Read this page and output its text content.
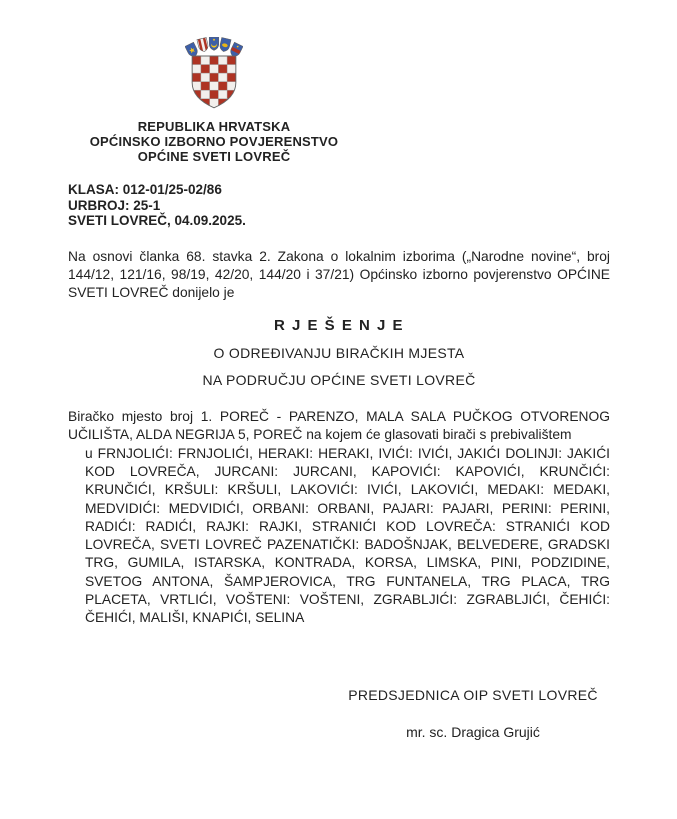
REPUBLIKA HRVATSKA
OPĆINSKO IZBORNO POVJERENSTVO
OPĆINE SVETI LOVREČ
KLASA: 012-01/25-02/86
URBROJ: 25-1
SVETI LOVREČ, 04.09.2025.

Na osnovi članka 68. stavka 2. Zakona o lokalnim izborima („Narodne novine“, broj 144/12, 121/16, 98/19, 42/20, 144/20 i 37/21) Općinsko izborno povjerenstvo OPĆINE SVETI LOVREČ donijelo je

R J E Š E N J E
O ODREĐIVANJU BIRAČKIH MJESTA
NA PODRUČJU OPĆINE SVETI LOVREČ

Biračko mjesto broj 1. POREČ - PARENZO, MALA SALA PUČKOG OTVORENOG UČILIŠTA, ALDA NEGRIJA 5, POREČ na kojem će glasovati birači s prebivalištem

u FRNJOLIĆI: FRNJOLIĆI, HERAKI: HERAKI, IVIĆI: IVIĆI, JAKIĆI DOLINJI: JAKIĆI KOD LOVREČA, JURCANI: JURCANI, KAPOVIĆI: KAPOVIĆI, KRUNČIĆI: KRUNČIĆI, KRŠULI: KRŠULI, LAKOVIĆI: IVIĆI, LAKOVIĆI, MEDAKI: MEDAKI, MEDVIDIĆI: MEDVIDIĆI, ORBANI: ORBANI, PAJARI: PAJARI, PERINI: PERINI, RADIĆI: RADIĆI, RAJKI: RAJKI, STRANIĆI KOD LOVREČA: STRANIĆI KOD LOVREČA, SVETI LOVREČ PAZENATIČKI: BADOŠNJAK, BELVEDERE, GRADSKI TRG, GUMILA, ISTARSKA, KONTRADA, KORSA, LIMSKA, PINI, PODZIDINE, SVETOG ANTONA, ŠAMPJEROVICA, TRG FUNTANELA, TRG PLACA, TRG PLACETA, VRTLIĆI, VOŠTENI: VOŠTENI, ZGRABLJIĆI: ZGRABLJIĆI, ČEHIĆI: ČEHIĆI, MALIŠI, KNAPIĆI, SELINA

PREDSJEDNICA OIP SVETI LOVREČ
mr. sc. Dragica Grujić
